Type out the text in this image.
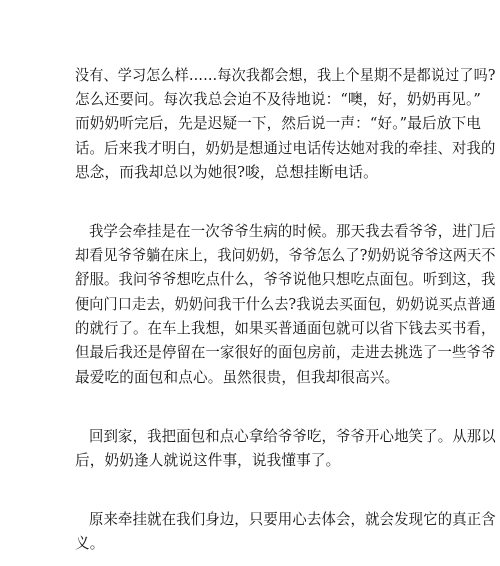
没有、学习怎么样……每次我都会想，我上个星期不是都说过了吗?
怎么还要问。每次我总会迫不及待地说：“噢，好，奶奶再见。”
而奶奶听完后，先是迟疑一下，然后说一声：“好。”最后放下电
话。后来我才明白，奶奶是想通过电话传达她对我的牵挂、对我的
思念，而我却总以为她很?唆，总想挂断电话。
我学会牵挂是在一次爷爷生病的时候。那天我去看爷爷，进门后
却看见爷爷躺在床上，我问奶奶，爷爷怎么了?奶奶说爷爷这两天不
舒服。我问爷爷想吃点什么，爷爷说他只想吃点面包。听到这，我
便向门口走去，奶奶问我干什么去?我说去买面包，奶奶说买点普通
的就行了。在车上我想，如果买普通面包就可以省下钱去买书看，
但最后我还是停留在一家很好的面包房前，走进去挑选了一些爷爷
最爱吃的面包和点心。虽然很贵，但我却很高兴。
回到家，我把面包和点心拿给爷爷吃，爷爷开心地笑了。从那以
后，奶奶逢人就说这件事，说我懂事了。
原来牵挂就在我们身边，只要用心去体会，就会发现它的真正含
义。
